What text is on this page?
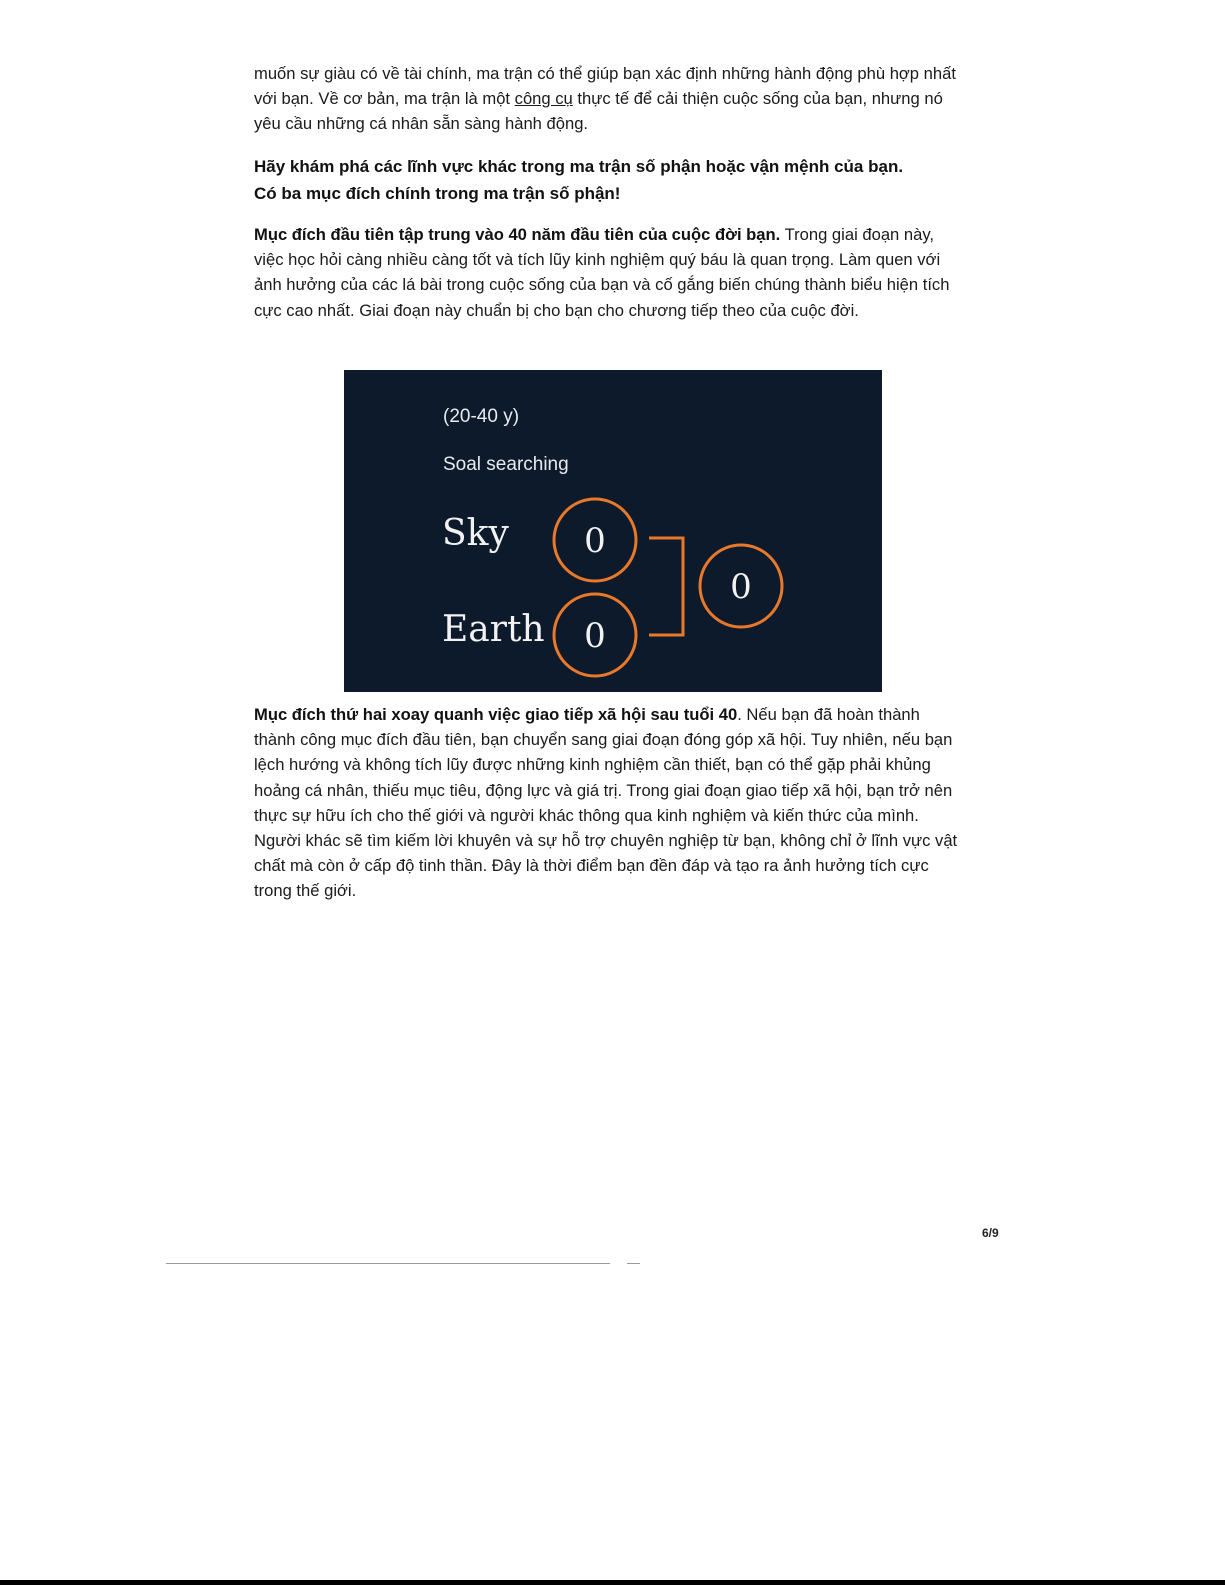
muốn sự giàu có về tài chính, ma trận có thể giúp bạn xác định những hành động phù hợp nhất với bạn. Về cơ bản, ma trận là một công cụ thực tế để cải thiện cuộc sống của bạn, nhưng nó yêu cầu những cá nhân sẵn sàng hành động.

Hãy khám phá các lĩnh vực khác trong ma trận số phận hoặc vận mệnh của bạn.

Có ba mục đích chính trong ma trận số phận!

Mục đích đầu tiên tập trung vào 40 năm đầu tiên của cuộc đời bạn. Trong giai đoạn này, việc học hỏi càng nhiều càng tốt và tích lũy kinh nghiệm quý báu là quan trọng. Làm quen với ảnh hưởng của các lá bài trong cuộc sống của bạn và cố gắng biến chúng thành biểu hiện tích cực cao nhất. Giai đoạn này chuẩn bị cho bạn cho chương tiếp theo của cuộc đời.

(20-40 y)
Soal searching
Sky
Earth
0
0
0

Mục đích thứ hai xoay quanh việc giao tiếp xã hội sau tuổi 40. Nếu bạn đã hoàn thành thành công mục đích đầu tiên, bạn chuyển sang giai đoạn đóng góp xã hội. Tuy nhiên, nếu bạn lệch hướng và không tích lũy được những kinh nghiệm cần thiết, bạn có thể gặp phải khủng hoảng cá nhân, thiếu mục tiêu, động lực và giá trị. Trong giai đoạn giao tiếp xã hội, bạn trở nên thực sự hữu ích cho thế giới và người khác thông qua kinh nghiệm và kiến thức của mình. Người khác sẽ tìm kiếm lời khuyên và sự hỗ trợ chuyên nghiệp từ bạn, không chỉ ở lĩnh vực vật chất mà còn ở cấp độ tinh thần. Đây là thời điểm bạn đền đáp và tạo ra ảnh hưởng tích cực trong thế giới.

6/9
